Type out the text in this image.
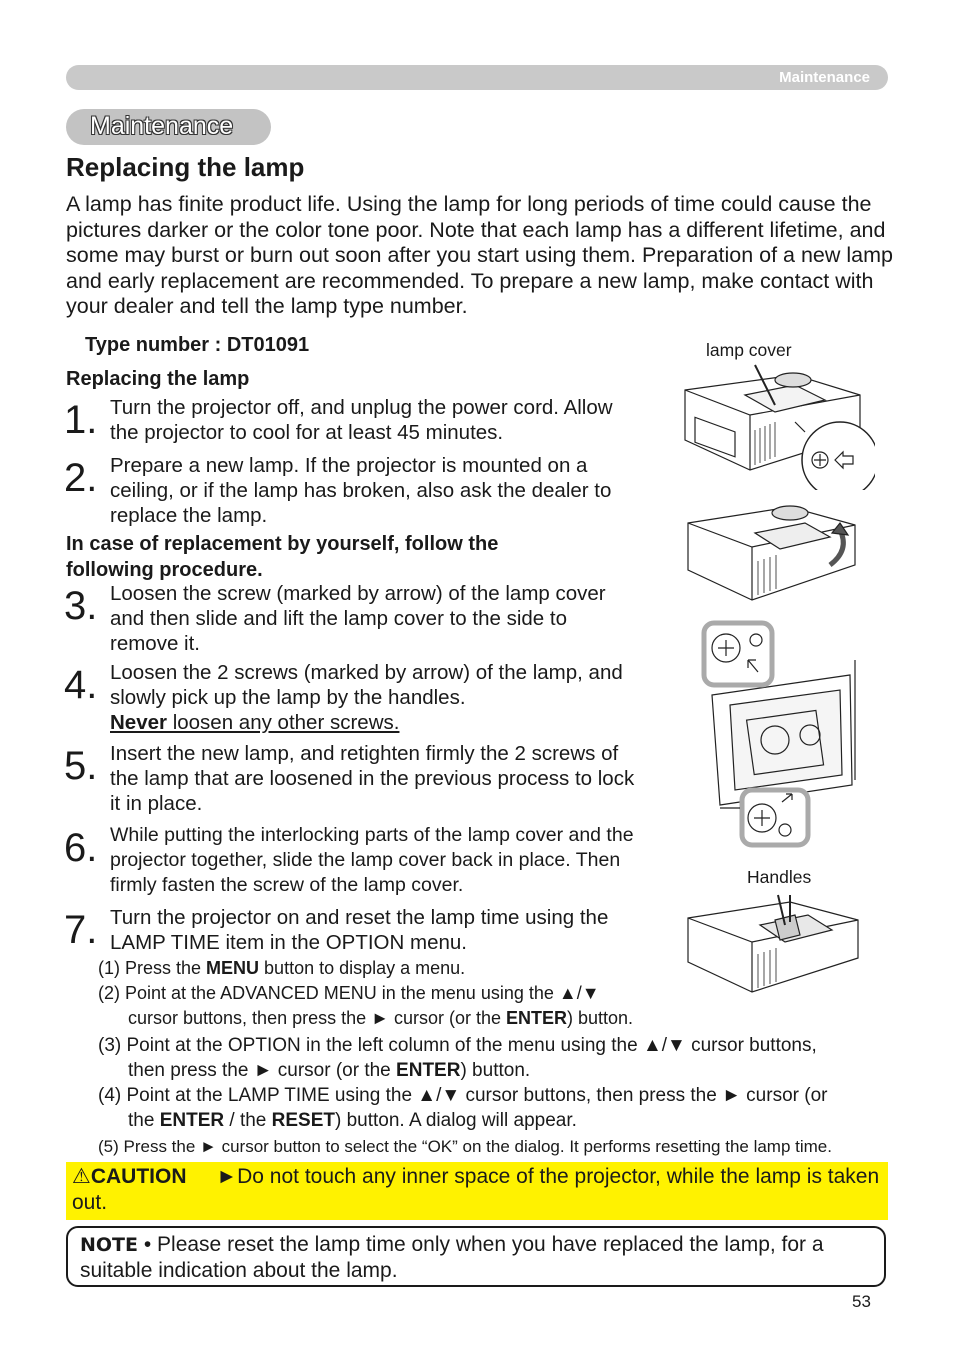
Maintenance
Maintenance
Replacing the lamp
A lamp has finite product life. Using the lamp for long periods of time could cause the pictures darker or the color tone poor. Note that each lamp has a different lifetime, and some may burst or burn out soon after you start using them. Preparation of a new lamp and early replacement are recommended. To prepare a new lamp, make contact with your dealer and tell the lamp type number.
Type number : DT01091
Replacing the lamp
1. Turn the projector off, and unplug the power cord. Allow the projector to cool for at least 45 minutes.
2. Prepare a new lamp. If the projector is mounted on a ceiling, or if the lamp has broken, also ask the dealer to replace the lamp.
In case of replacement by yourself, follow the following procedure.
3. Loosen the screw (marked by arrow) of the lamp cover and then slide and lift the lamp cover to the side to remove it.
4. Loosen the 2 screws (marked by arrow) of the lamp, and slowly pick up the lamp by the handles.
Never loosen any other screws.
5. Insert the new lamp, and retighten firmly the 2 screws of the lamp that are loosened in the previous process to lock it in place.
6. While putting the interlocking parts of the lamp cover and the projector together, slide the lamp cover back in place. Then firmly fasten the screw of the lamp cover.
7. Turn the projector on and reset the lamp time using the LAMP TIME item in the OPTION menu.
(1) Press the MENU button to display a menu.
(2) Point at the ADVANCED MENU in the menu using the ▲/▼
cursor buttons, then press the ► cursor (or the ENTER) button.
(3) Point at the OPTION in the left column of the menu using the ▲/▼ cursor buttons,
then press the ► cursor (or the ENTER) button.
(4) Point at the LAMP TIME using the ▲/▼ cursor buttons, then press the ► cursor (or
the ENTER / the RESET) button. A dialog will appear.
(5) Press the ► cursor button to select the “OK” on the dialog. It performs resetting the lamp time.
⚠CAUTION ►Do not touch any inner space of the projector, while the lamp is taken out.
NOTE • Please reset the lamp time only when you have replaced the lamp, for a suitable indication about the lamp.
53
lamp cover
Handles
